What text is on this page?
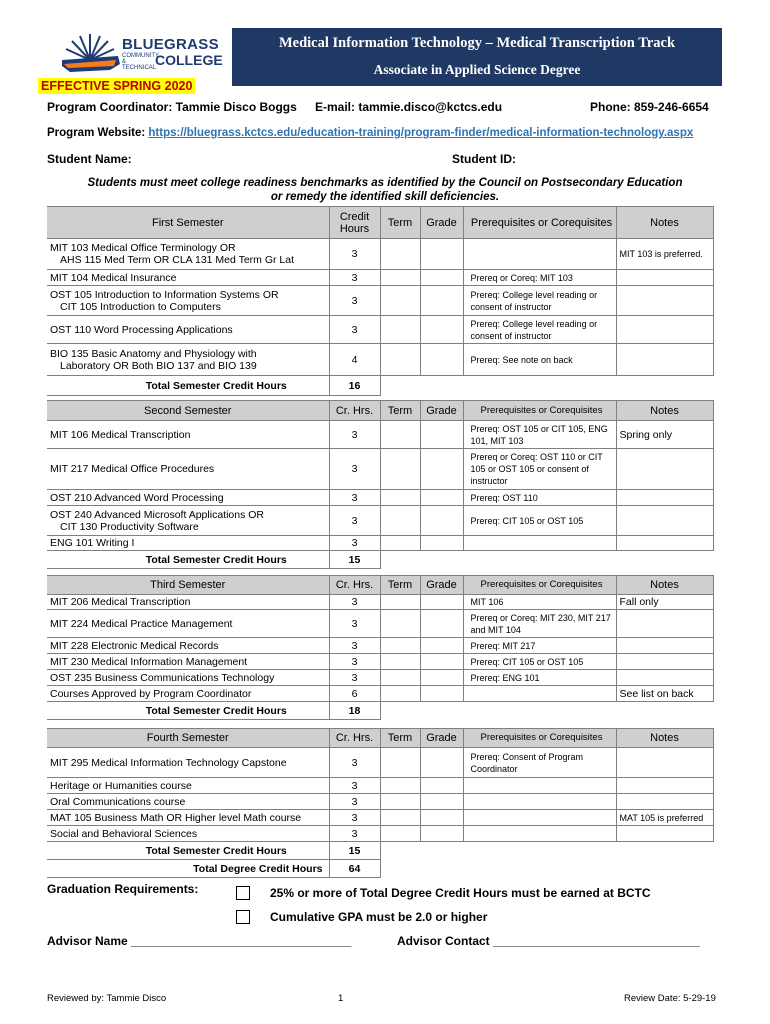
BLUEGRASS
COMMUNITY & TECHNICAL
COLLEGE
Medical Information Technology – Medical Transcription Track
Associate in Applied Science Degree
EFFECTIVE SPRING 2020
Program Coordinator: Tammie Disco Boggs E-mail: tammie.disco@kctcs.edu	Phone: 859-246-6654
Program Website: https://bluegrass.kctcs.edu/education-training/program-finder/medical-information-technology.aspx
Student Name:	Student ID:
Students must meet college readiness benchmarks as identified by the Council on Postsecondary Education
or remedy the identified skill deficiencies.
First Semester	Credit Hours	Term	Grade	Prerequisites or Corequisites	Notes

MIT 103 Medical Office Terminology OR
AHS 115 Med Term OR CLA 131 Med Term Gr Lat	3				MIT 103 is preferred.
MIT 104 Medical Insurance	3			Prereq or Coreq: MIT 103	

OST 105 Introduction to Information Systems OR
CIT 105 Introduction to Computers	3			Prereq: College level reading or consent of instructor	
OST 110 Word Processing Applications	3			Prereq: College level reading or consent of instructor	

BIO 135 Basic Anatomy and Physiology with
Laboratory OR Both BIO 137 and BIO 139	4			Prereq: See note on back	
Total Semester Credit Hours	16				
Second Semester	Cr. Hrs.	Term	Grade	Prerequisites or Corequisites	Notes
MIT 106 Medical Transcription	3			Prereq: OST 105 or CIT 105, ENG 101, MIT 103	Spring only
MIT 217 Medical Office Procedures	3			Prereq or Coreq: OST 110 or CIT 105 or OST 105 or consent of instructor	
OST 210 Advanced Word Processing	3			Prereq: OST 110	

OST 240 Advanced Microsoft Applications OR
CIT 130 Productivity Software	3			Prereq: CIT 105 or OST 105	
ENG 101 Writing I	3				
Total Semester Credit Hours	15				
Third Semester	Cr. Hrs.	Term	Grade	Prerequisites or Corequisites	Notes
MIT 206 Medical Transcription	3			MIT 106	Fall only
MIT 224 Medical Practice Management	3			Prereq or Coreq: MIT 230, MIT 217 and MIT 104	
MIT 228 Electronic Medical Records	3			Prereq: MIT 217	
MIT 230 Medical Information Management	3			Prereq: CIT 105 or OST 105	
OST 235 Business Communications Technology	3			Prereq: ENG 101	
Courses Approved by Program Coordinator	6				See list on back
Total Semester Credit Hours	18				
Fourth Semester	Cr. Hrs.	Term	Grade	Prerequisites or Corequisites	Notes
MIT 295 Medical Information Technology Capstone	3			Prereq: Consent of Program Coordinator	
Heritage or Humanities course	3				
Oral Communications course	3				
MAT 105 Business Math OR Higher level Math course	3				MAT 105 is preferred
Social and Behavioral Sciences	3				
Total Semester Credit Hours	15				
Total Degree Credit Hours	64				
Graduation Requirements:	25% or more of Total Degree Credit Hours must be earned at BCTC
Cumulative GPA must be 2.0 or higher
Advisor Name _________________________________	Advisor Contact _______________________________
Reviewed by: Tammie Disco	1	Review Date: 5-29-19
